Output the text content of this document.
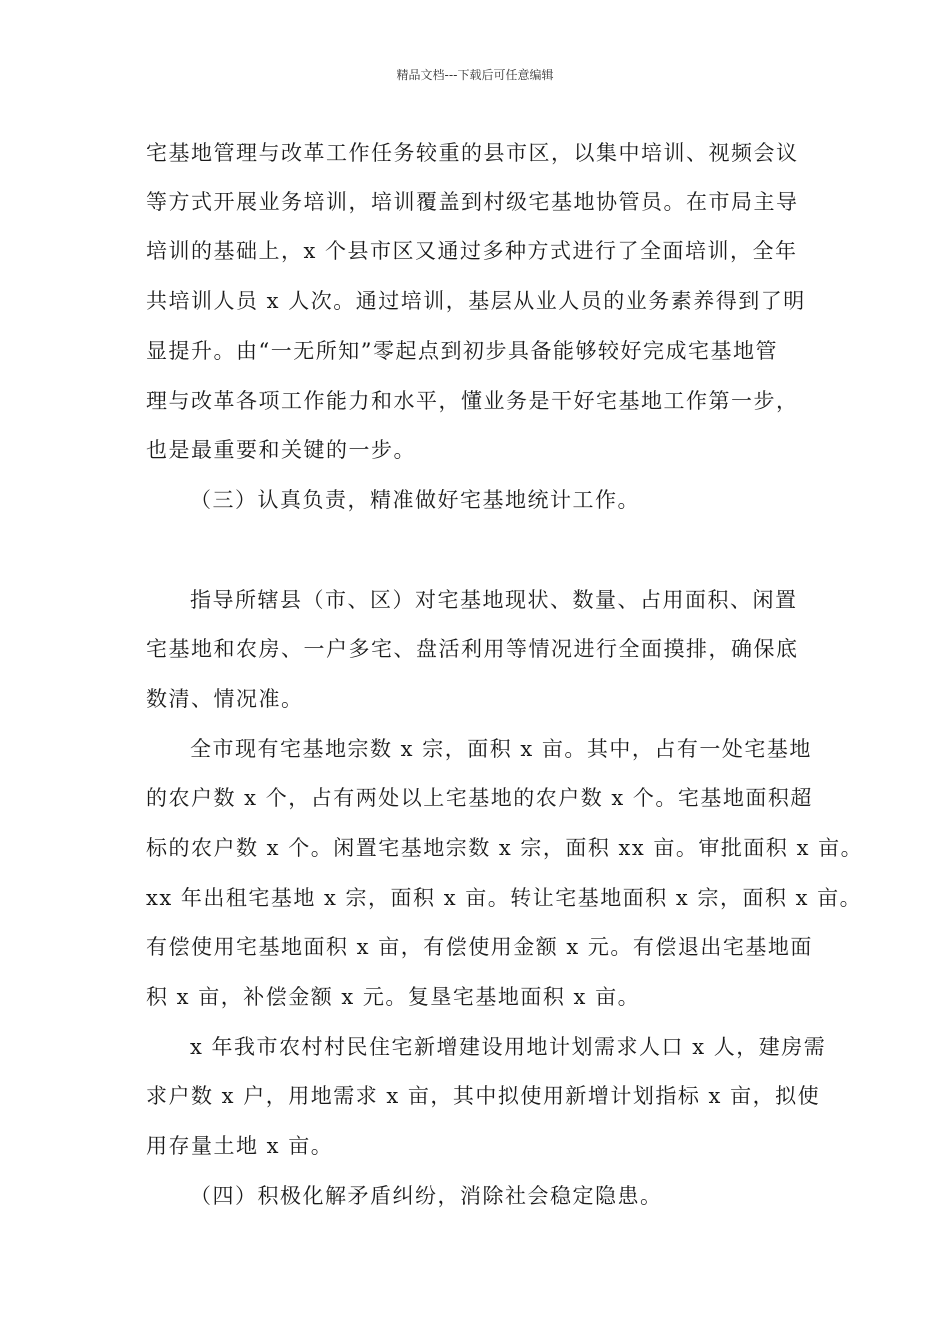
精品文档---下载后可任意编辑
宅基地管理与改革工作任务较重的县市区，以集中培训、视频会议
等方式开展业务培训，培训覆盖到村级宅基地协管员。在市局主导
培训的基础上，x 个县市区又通过多种方式进行了全面培训，全年
共培训人员 x 人次。通过培训，基层从业人员的业务素养得到了明
显提升。由“一无所知”零起点到初步具备能够较好完成宅基地管
理与改革各项工作能力和水平，懂业务是干好宅基地工作第一步，
也是最重要和关键的一步。
（三）认真负责，精准做好宅基地统计工作。
指导所辖县（市、区）对宅基地现状、数量、占用面积、闲置
宅基地和农房、一户多宅、盘活利用等情况进行全面摸排，确保底
数清、情况准。
全市现有宅基地宗数 x 宗，面积 x 亩。其中，占有一处宅基地
的农户数 x 个，占有两处以上宅基地的农户数 x 个。宅基地面积超
标的农户数 x 个。闲置宅基地宗数 x 宗，面积 xx 亩。审批面积 x 亩。
xx 年出租宅基地 x 宗，面积 x 亩。转让宅基地面积 x 宗，面积 x 亩。
有偿使用宅基地面积 x 亩，有偿使用金额 x 元。有偿退出宅基地面
积 x 亩，补偿金额 x 元。复垦宅基地面积 x 亩。
x 年我市农村村民住宅新增建设用地计划需求人口 x 人，建房需
求户数 x 户，用地需求 x 亩，其中拟使用新增计划指标 x 亩，拟使
用存量土地 x 亩。
（四）积极化解矛盾纠纷，消除社会稳定隐患。
